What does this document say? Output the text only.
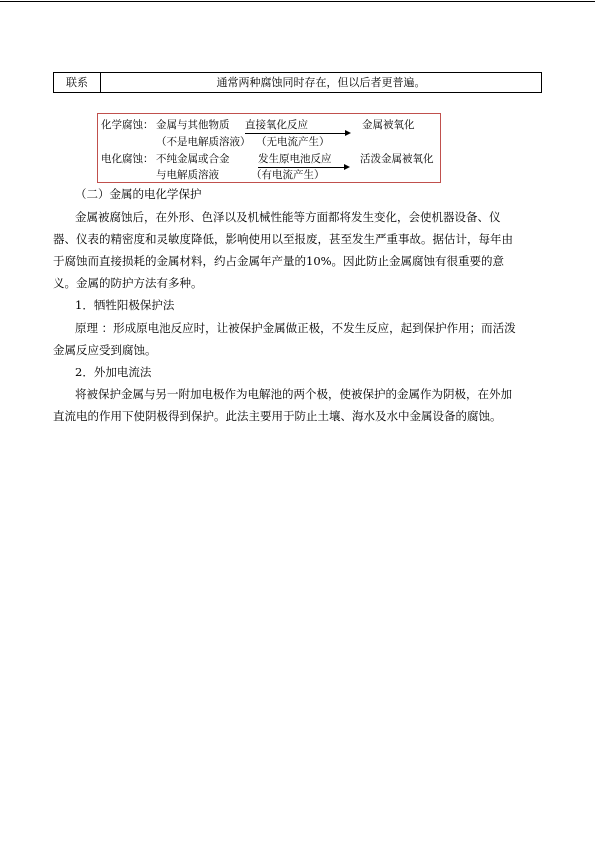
联系	通常两种腐蚀同时存在，但以后者更普遍。
化学腐蚀： 金属与其他物质 直接氧化反应	金属被氧化
（不是电解质溶液） （无电流产生）
电化腐蚀： 不纯金属或合金
与电解质溶液
发生原电池反应	活泼金属被氧化
（有电流产生）
（二）金属的电化学保护
金属被腐蚀后，在外形、色泽以及机械性能等方面都将发生变化，会使机器设备、仪
器、仪表的精密度和灵敏度降低，影响使用以至报废，甚至发生严重事故。据估计，每年由
于腐蚀而直接损耗的金属材料，约占金属年产量的10%。因此防止金属腐蚀有很重要的意
义。金属的防护方法有多种。
1．牺牲阳极保护法
原理 ：形成原电池反应时，让被保护金属做正极，不发生反应，起到保护作用；而活泼
金属反应受到腐蚀。
2．外加电流法
将被保护金属与另一附加电极作为电解池的两个极，使被保护的金属作为阴极，在外加
直流电的作用下使阴极得到保护。此法主要用于防止土壤、海水及水中金属设备的腐蚀。
